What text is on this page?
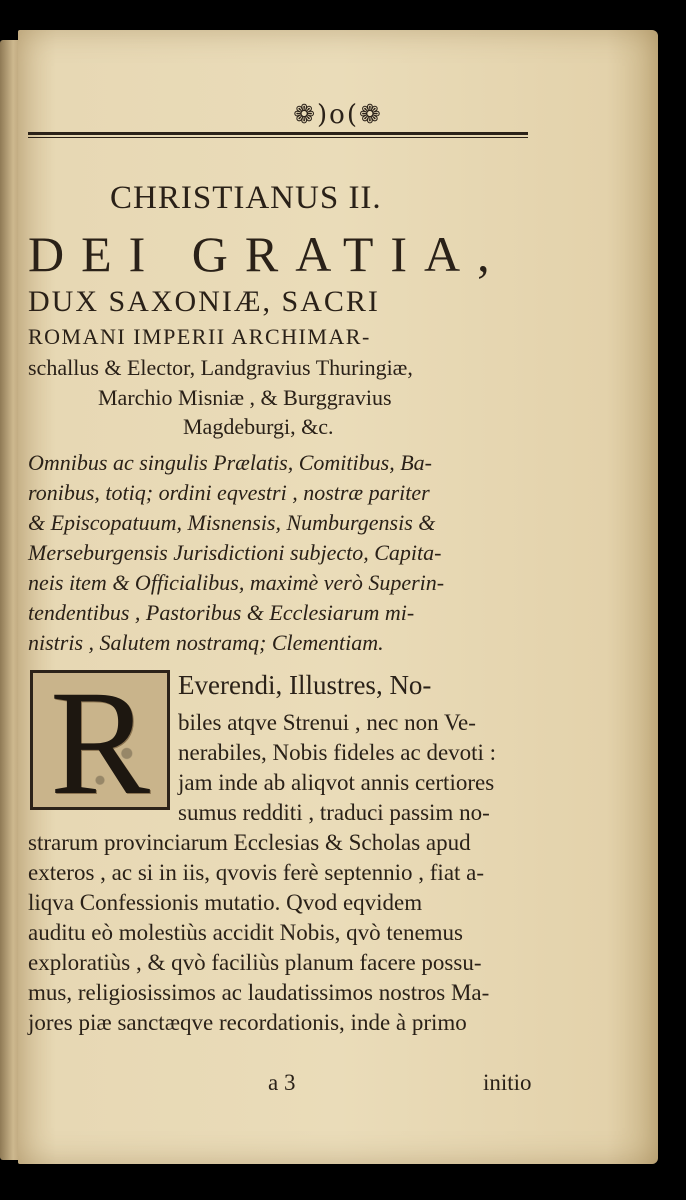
❁)o(❁
CHRISTIANUS II.
DEI GRATIA,
DUX SAXONIÆ, SACRI
ROMANI IMPERII ARCHIMAR-
schallus & Elector, Landgravius Thuringiæ,
Marchio Misniæ , & Burggravius
Magdeburgi, &c.
Omnibus ac singulis Prælatis, Comitibus, Ba-
ronibus, totiq; ordini eqvestri , nostræ pariter
& Episcopatuum, Misnensis, Numburgensis &
Merseburgensis Jurisdictioni subjecto, Capita-
neis item & Officialibus, maximè verò Superin-
tendentibus , Pastoribus & Ecclesiarum mi-
nistris , Salutem nostramq; Clementiam.
R	Everendi, Illustres, No-
biles atqve Strenui , nec non Ve-
nerabiles, Nobis fideles ac devoti :
jam inde ab aliqvot annis certiores
sumus redditi , traduci passim no-
strarum provinciarum Ecclesias & Scholas apud
exteros , ac si in iis, qvovis ferè septennio , fiat a-
liqva Confessionis mutatio. Qvod eqvidem
auditu eò molestiùs accidit Nobis, qvò tenemus
exploratiùs , & qvò faciliùs planum facere possu-
mus, religiosissimos ac laudatissimos nostros Ma-
jores piæ sanctæqve recordationis, inde à primo
a 3	initio
